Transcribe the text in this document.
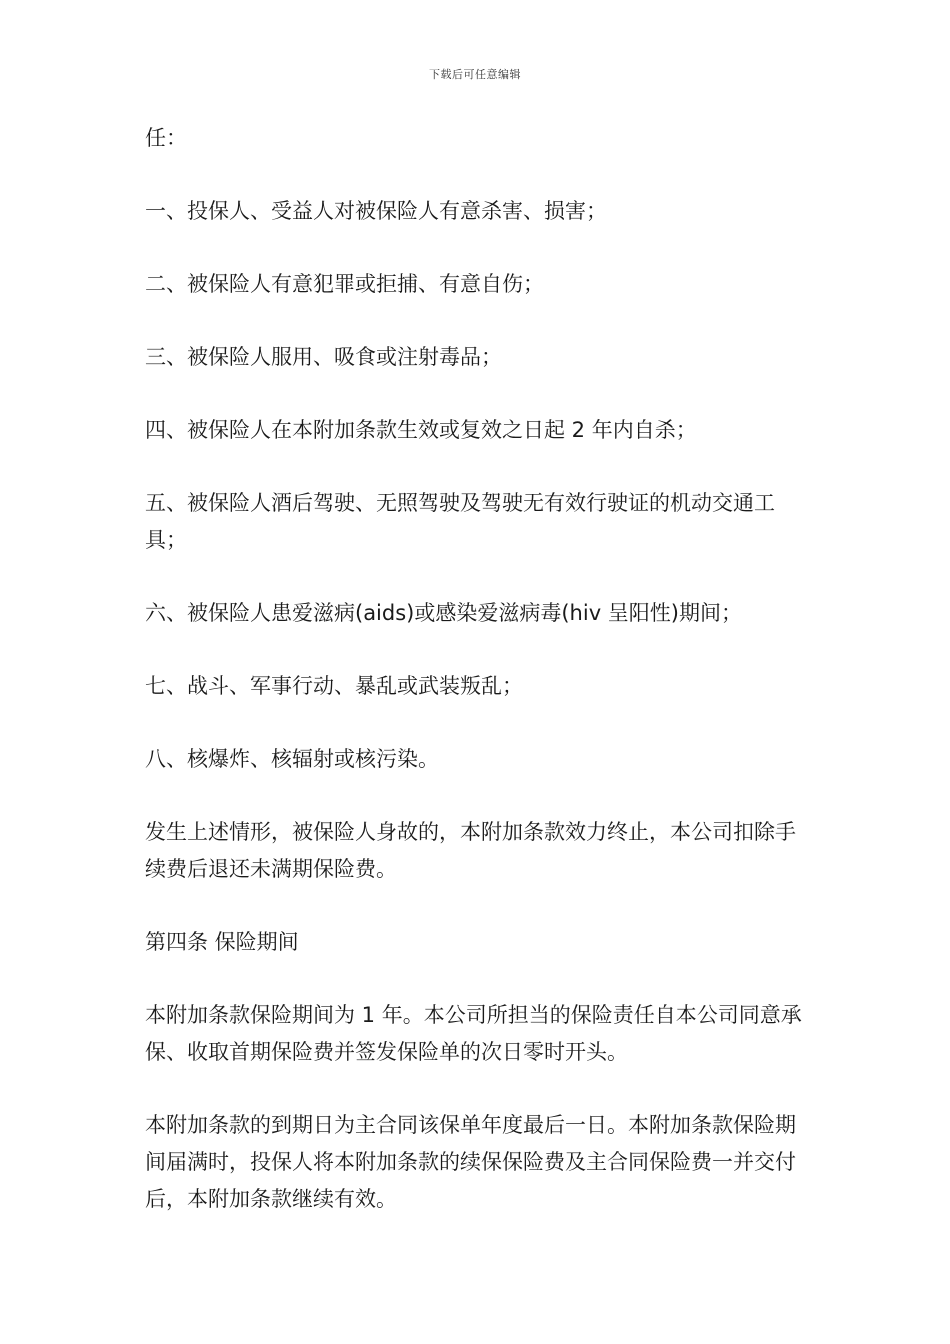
下载后可任意编辑

任：

一、投保人、受益人对被保险人有意杀害、损害；

二、被保险人有意犯罪或拒捕、有意自伤；

三、被保险人服用、吸食或注射毒品；

四、被保险人在本附加条款生效或复效之日起 2 年内自杀；

五、被保险人酒后驾驶、无照驾驶及驾驶无有效行驶证的机动交通工具；

六、被保险人患爱滋病(aids)或感染爱滋病毒(hiv 呈阳性)期间；

七、战斗、军事行动、暴乱或武装叛乱；

八、核爆炸、核辐射或核污染。

发生上述情形，被保险人身故的，本附加条款效力终止，本公司扣除手续费后退还未满期保险费。

第四条 保险期间

本附加条款保险期间为 1 年。本公司所担当的保险责任自本公司同意承保、收取首期保险费并签发保险单的次日零时开头。

本附加条款的到期日为主合同该保单年度最后一日。本附加条款保险期间届满时，投保人将本附加条款的续保保险费及主合同保险费一并交付后，本附加条款继续有效。
